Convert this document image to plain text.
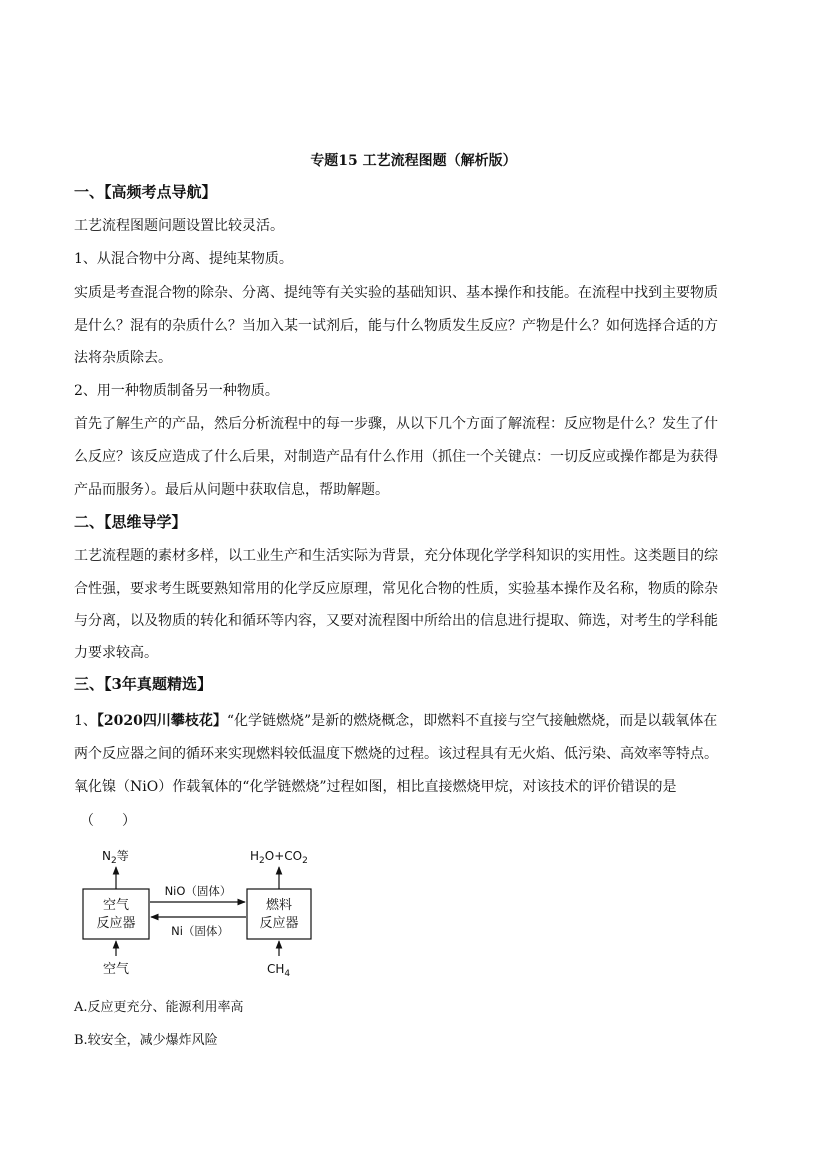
专题15 工艺流程图题（解析版）
一、【高频考点导航】
工艺流程图题问题设置比较灵活。
1、从混合物中分离、提纯某物质。
实质是考查混合物的除杂、分离、提纯等有关实验的基础知识、基本操作和技能。在流程中找到主要物质
是什么？混有的杂质什么？当加入某一试剂后，能与什么物质发生反应？产物是什么？如何选择合适的方
法将杂质除去。
2、用一种物质制备另一种物质。
首先了解生产的产品，然后分析流程中的每一步骤，从以下几个方面了解流程：反应物是什么？发生了什
么反应？该反应造成了什么后果，对制造产品有什么作用（抓住一个关键点：一切反应或操作都是为获得
产品而服务）。最后从问题中获取信息，帮助解题。
二、【思维导学】
工艺流程题的素材多样，以工业生产和生活实际为背景，充分体现化学学科知识的实用性。这类题目的综
合性强，要求考生既要熟知常用的化学反应原理，常见化合物的性质，实验基本操作及名称，物质的除杂
与分离，以及物质的转化和循环等内容，又要对流程图中所给出的信息进行提取、筛选，对考生的学科能
力要求较高。
三、【3年真题精选】
1、【2020四川攀枝花】“化学链燃烧”是新的燃烧概念，即燃料不直接与空气接触燃烧，而是以载氧体在
两个反应器之间的循环来实现燃料较低温度下燃烧的过程。该过程具有无火焰、低污染、高效率等特点。
氧化镍（NiO）作载氧体的“化学链燃烧”过程如图，相比直接燃烧甲烷，对该技术的评价错误的是
（　　）
空气
反应器
燃料
反应器
$N_2$等
空气
$H_2O+CO_2$
$CH_4$
NiO（固体）
Ni（固体）
A.反应更充分、能源利用率高
B.较安全，减少爆炸风险
